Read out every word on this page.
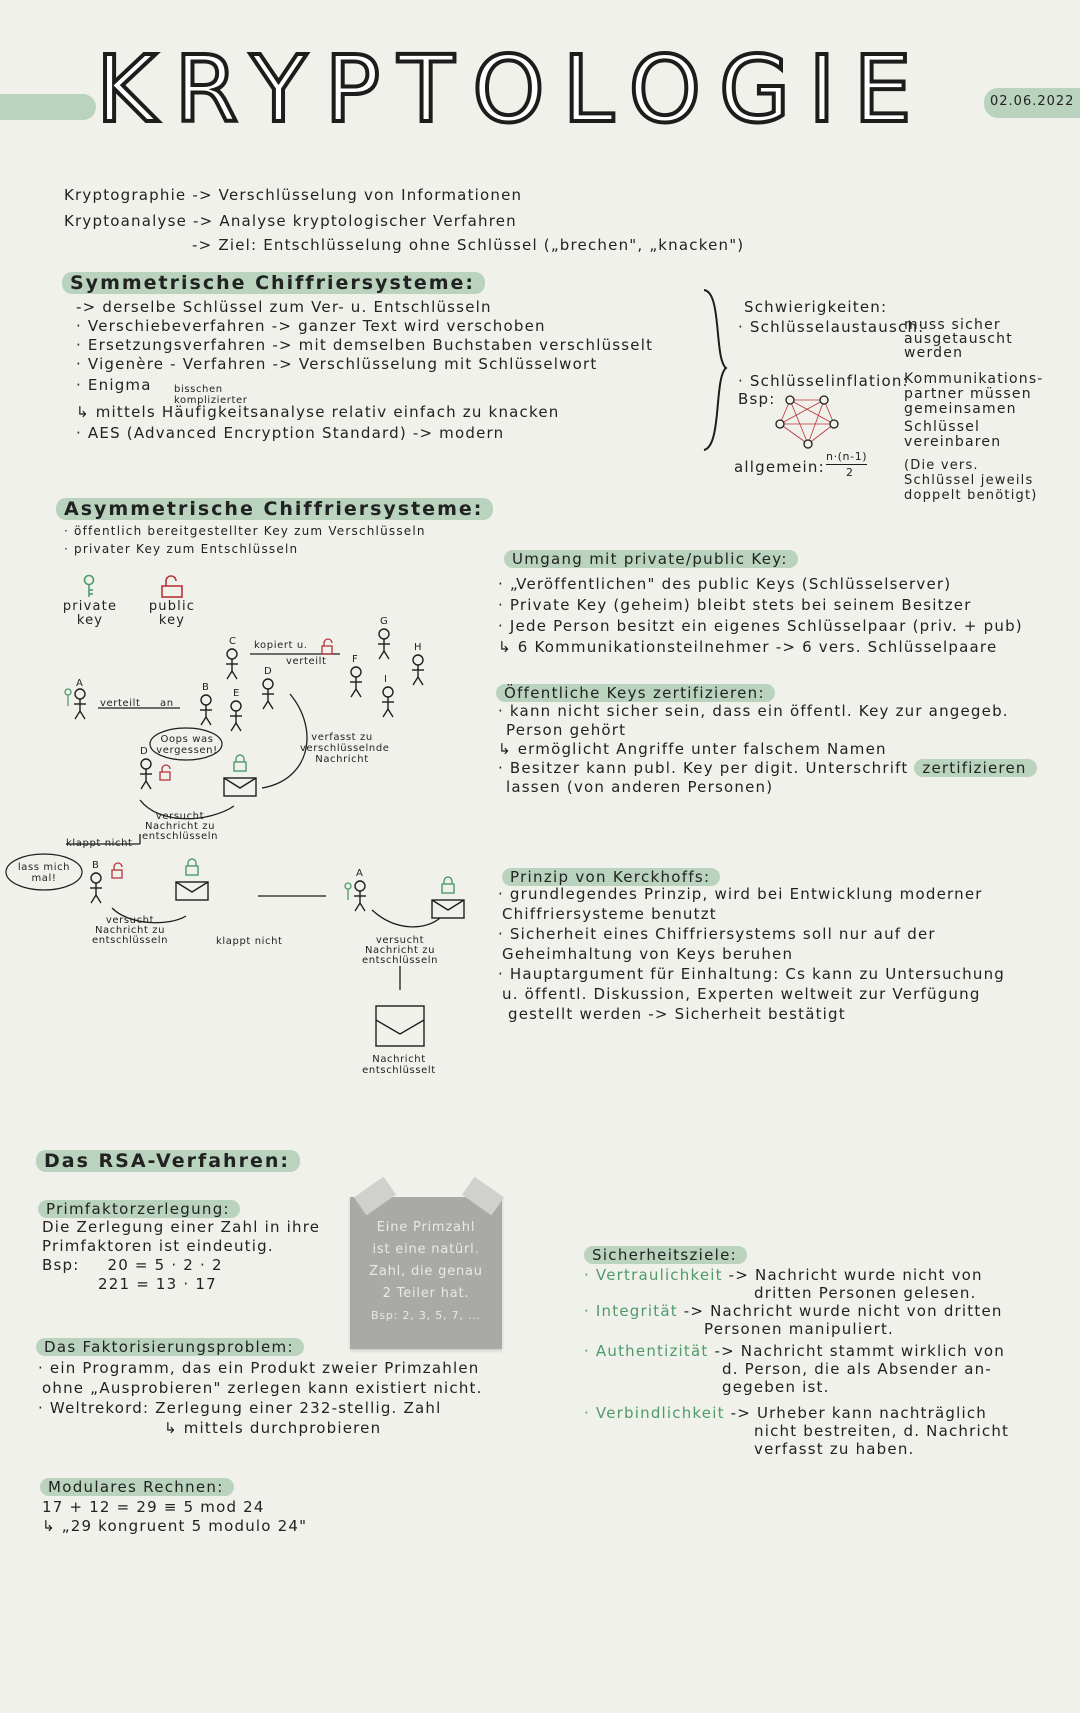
KRYPTOLOGIE	02.06.2022
Kryptographie -> Verschlüsselung von Informationen
Kryptoanalyse -> Analyse kryptologischer Verfahren
-> Ziel: Entschlüsselung ohne Schlüssel („brechen", „knacken")
Symmetrische Chiffriersysteme:
-> derselbe Schlüssel zum Ver- u. Entschlüsseln
· Verschiebeverfahren -> ganzer Text wird verschoben
· Ersetzungsverfahren -> mit demselben Buchstaben verschlüsselt
· Vigenère - Verfahren -> Verschlüsselung mit Schlüsselwort
· Enigma
↳ mittels Häufigkeitsanalyse relativ einfach zu knacken
· AES (Advanced Encryption Standard) -> modern
bisschen komplizierter
Schwierigkeiten:
· Schlüsselaustausch:
muss sicher ausgetauscht werden
· Schlüsselinflation:
Kommunikations-partner müssen gemeinsamen
Schlüssel vereinbaren
Bsp:
allgemein:
n·(n-1)
2	(Die vers. Schlüssel jeweils doppelt benötigt)
Asymmetrische Chiffriersysteme:
· öffentlich bereitgestellter Key zum Verschlüsseln
· privater Key zum Entschlüsseln
private key
public key
verteilt an
kopiert u.
verteilt
verfasst zu verschlüsselnde Nachricht
Oops was vergessen!
versucht Nachricht zu entschlüsseln
klappt nicht
lass mich mal!
versucht Nachricht zu entschlüsseln	klappt nicht	versucht Nachricht zu entschlüsseln
Nachricht entschlüsselt
A	B
C
D
E
F
G
H
I
D
B
A
Umgang mit private/public Key:
· „Veröffentlichen" des public Keys (Schlüsselserver)
· Private Key (geheim) bleibt stets bei seinem Besitzer
· Jede Person besitzt ein eigenes Schlüsselpaar (priv. + pub)
↳ 6 Kommunikationsteilnehmer -> 6 vers. Schlüsselpaare
Öffentliche Keys zertifizieren:
· kann nicht sicher sein, dass ein öffentl. Key zur angegeb.
Person gehört
↳ ermöglicht Angriffe unter falschem Namen
· Besitzer kann publ. Key per digit. Unterschrift zertifizieren
lassen (von anderen Personen)
Prinzip von Kerckhoffs:
· grundlegendes Prinzip, wird bei Entwicklung moderner
Chiffriersysteme benutzt
· Sicherheit eines Chiffriersystems soll nur auf der
Geheimhaltung von Keys beruhen
· Hauptargument für Einhaltung: Cs kann zu Untersuchung
u. öffentl. Diskussion, Experten weltweit zur Verfügung
gestellt werden -> Sicherheit bestätigt
Das RSA-Verfahren:
Primfaktorzerlegung:
Die Zerlegung einer Zahl in ihre
Primfaktoren ist eindeutig.
Bsp: 20 = 5 · 2 · 2
221 = 13 · 17
Eine Primzahl
ist eine natürl.
Zahl, die genau
2 Teiler hat.
Bsp: 2, 3, 5, 7, ...
Das Faktorisierungsproblem:
· ein Programm, das ein Produkt zweier Primzahlen
ohne „Ausprobieren" zerlegen kann existiert nicht.
· Weltrekord: Zerlegung einer 232-stellig. Zahl
↳ mittels durchprobieren
Modulares Rechnen:
17 + 12 = 29 ≡ 5 mod 24
↳ „29 kongruent 5 modulo 24"
Sicherheitsziele:
· Vertraulichkeit -> Nachricht wurde nicht von
dritten Personen gelesen.
· Integrität -> Nachricht wurde nicht von dritten
Personen manipuliert.
· Authentizität -> Nachricht stammt wirklich von
d. Person, die als Absender an-
gegeben ist.
· Verbindlichkeit -> Urheber kann nachträglich
nicht bestreiten, d. Nachricht
verfasst zu haben.
